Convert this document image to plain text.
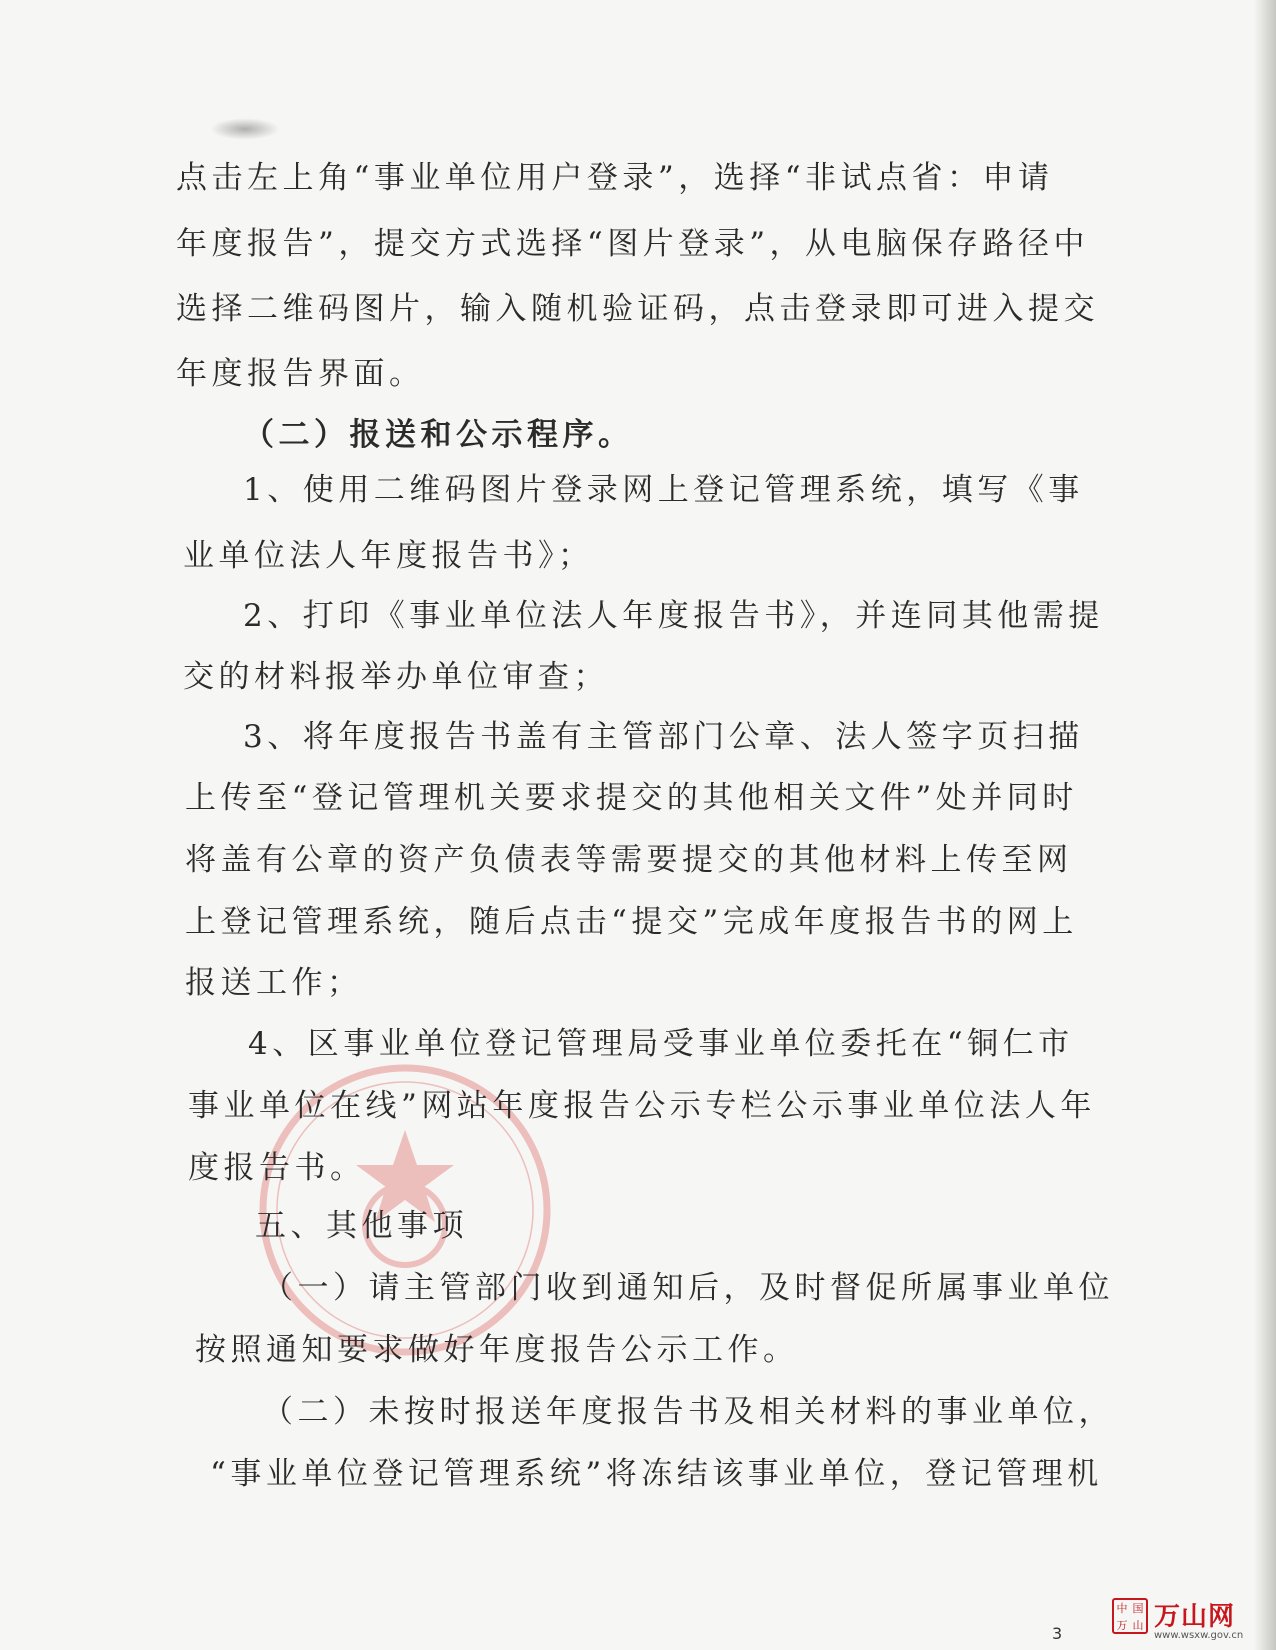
点击左上角“事业单位用户登录”，选择“非试点省：申请
年度报告”，提交方式选择“图片登录”，从电脑保存路径中
选择二维码图片，输入随机验证码，点击登录即可进入提交
年度报告界面。
（二）报送和公示程序。
1、使用二维码图片登录网上登记管理系统，填写《事
业单位法人年度报告书》；
2、打印《事业单位法人年度报告书》，并连同其他需提
交的材料报举办单位审查；
3、将年度报告书盖有主管部门公章、法人签字页扫描
上传至“登记管理机关要求提交的其他相关文件”处并同时
将盖有公章的资产负债表等需要提交的其他材料上传至网
上登记管理系统，随后点击“提交”完成年度报告书的网上
报送工作；
4、区事业单位登记管理局受事业单位委托在“铜仁市
事业单位在线”网站年度报告公示专栏公示事业单位法人年
度报告书。
五、其他事项
（一）请主管部门收到通知后，及时督促所属事业单位
按照通知要求做好年度报告公示工作。
（二）未按时报送年度报告书及相关材料的事业单位，
“事业单位登记管理系统”将冻结该事业单位，登记管理机
3
中 国
万 山 万山网
www.wsxw.gov.cn
